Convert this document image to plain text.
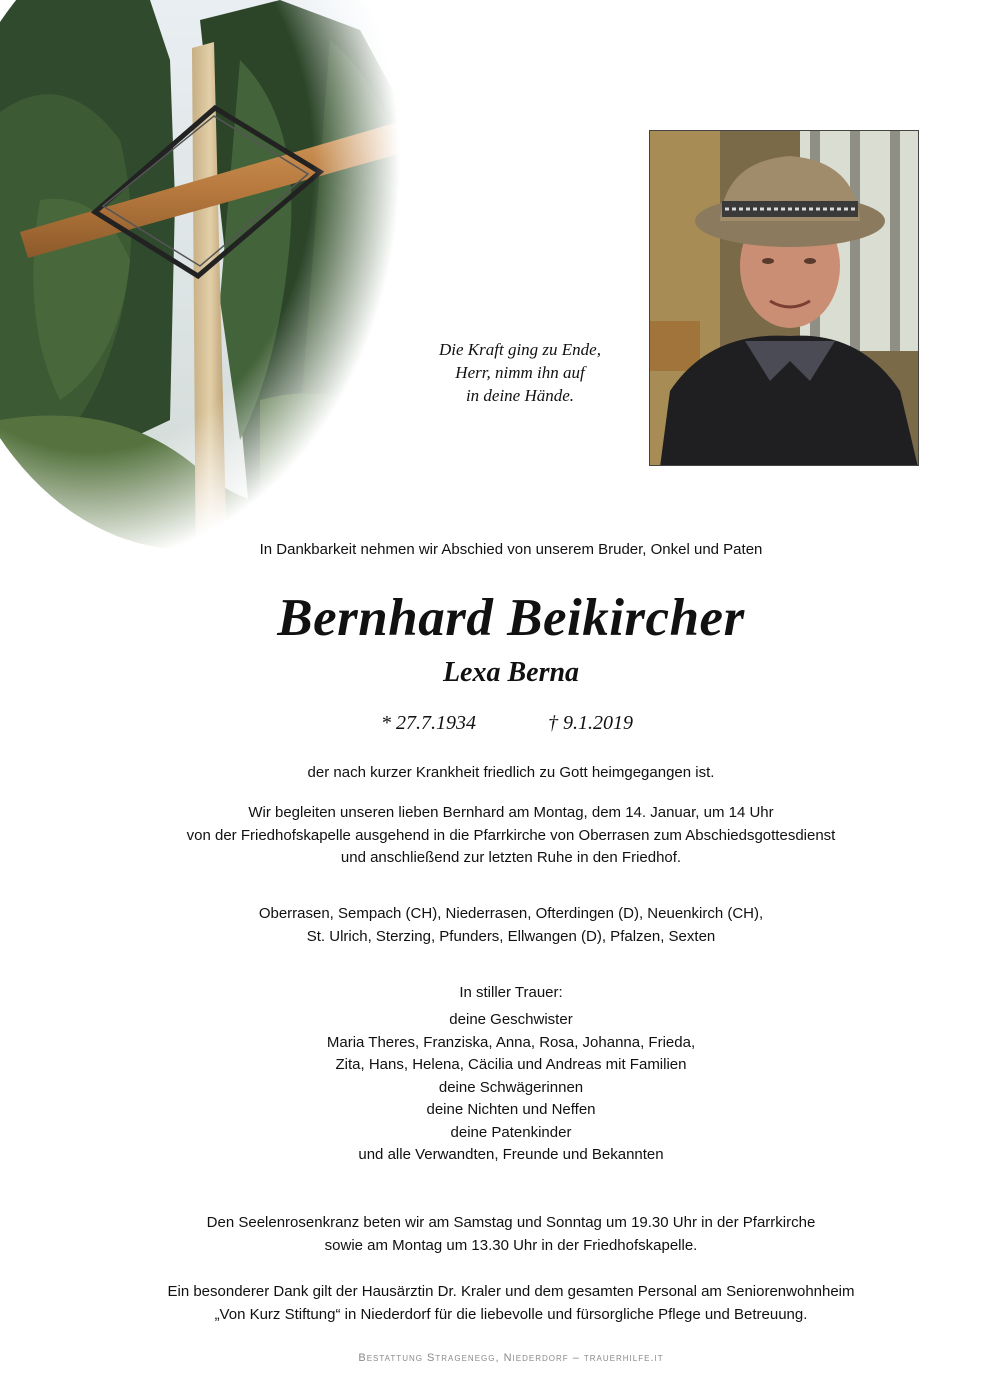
Die Kraft ging zu Ende,
Herr, nimm ihn auf
in deine Hände.
In Dankbarkeit nehmen wir Abschied von unserem Bruder, Onkel und Paten
Bernhard Beikircher
Lexa Berna
* 27.7.1934	† 9.1.2019
der nach kurzer Krankheit friedlich zu Gott heimgegangen ist.
Wir begleiten unseren lieben Bernhard am Montag, dem 14. Januar, um 14 Uhr
von der Friedhofskapelle ausgehend in die Pfarrkirche von Oberrasen zum Abschiedsgottesdienst
und anschließend zur letzten Ruhe in den Friedhof.
Oberrasen, Sempach (CH), Niederrasen, Ofterdingen (D), Neuenkirch (CH),
St. Ulrich, Sterzing, Pfunders, Ellwangen (D), Pfalzen, Sexten
In stiller Trauer:
deine Geschwister
Maria Theres, Franziska, Anna, Rosa, Johanna, Frieda,
Zita, Hans, Helena, Cäcilia und Andreas mit Familien
deine Schwägerinnen
deine Nichten und Neffen
deine Patenkinder
und alle Verwandten, Freunde und Bekannten
Den Seelenrosenkranz beten wir am Samstag und Sonntag um 19.30 Uhr in der Pfarrkirche
sowie am Montag um 13.30 Uhr in der Friedhofskapelle.
Ein besonderer Dank gilt der Hausärztin Dr. Kraler und dem gesamten Personal am Seniorenwohnheim
„Von Kurz Stiftung“ in Niederdorf für die liebevolle und fürsorgliche Pflege und Betreuung.
Bestattung Stragenegg, Niederdorf – trauerhilfe.it
